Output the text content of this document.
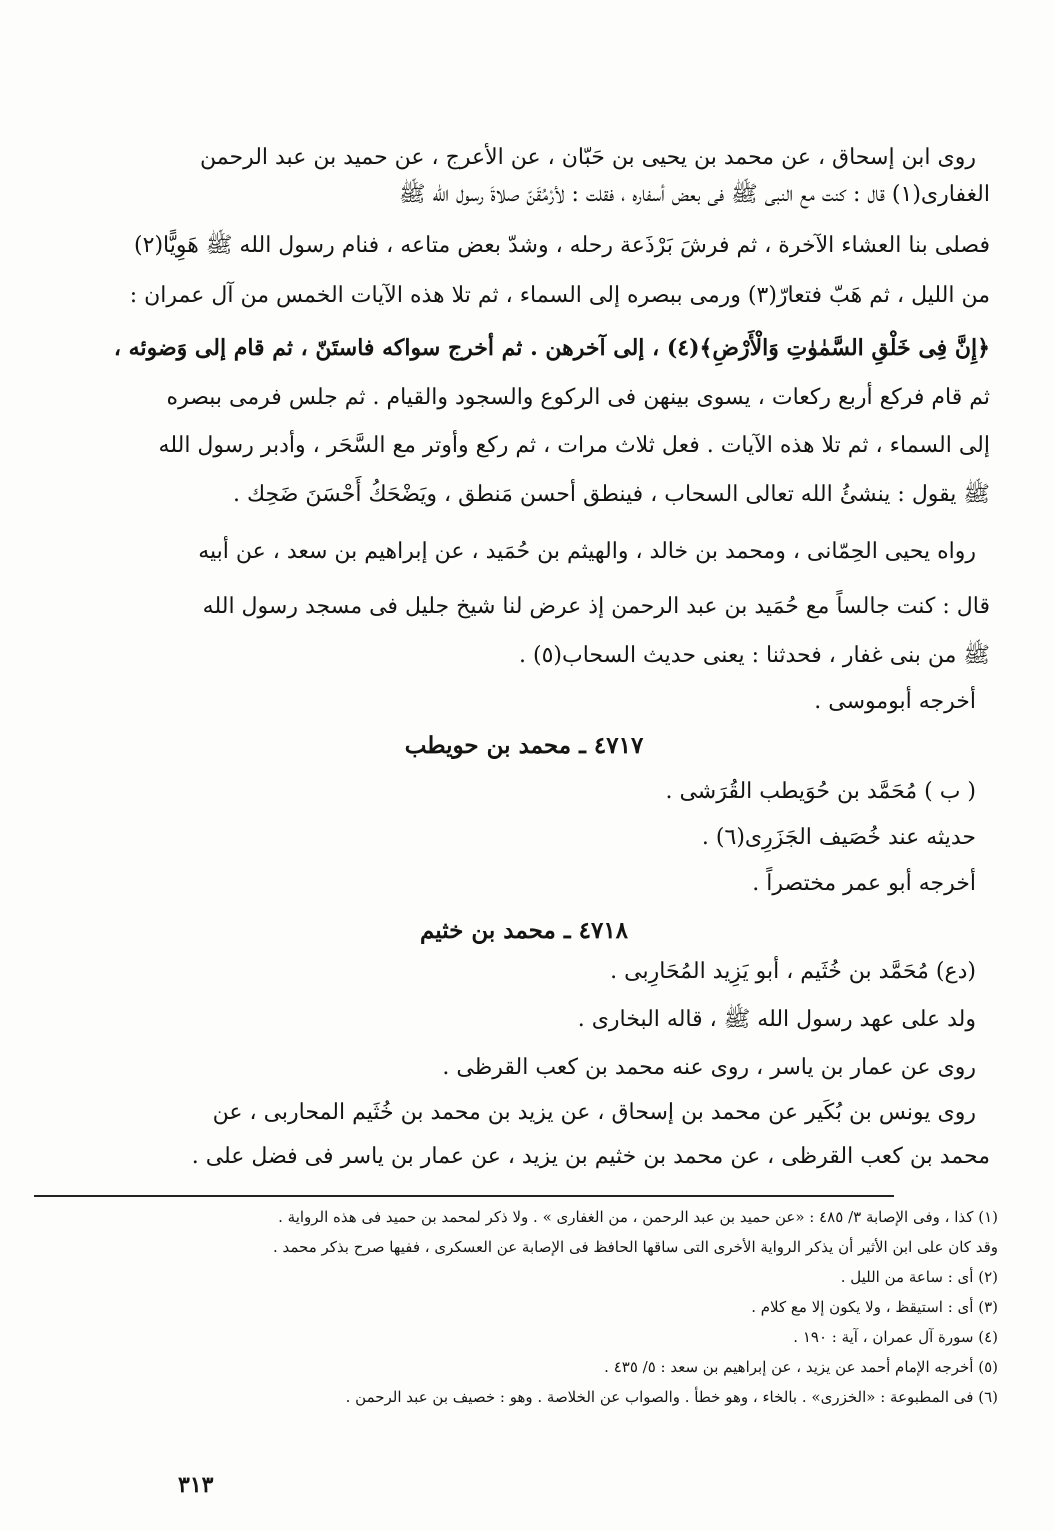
روى ابن إسحاق ، عن محمد بن يحيى بن حَبّان ، عن الأعرج ، عن حميد بن عبد الرحمن
الغفارى(١) قال : كنت مع النبى ﷺ فى بعض أسفاره ، فقلت : لأرْمُقَنّ صلاةَ رسول الله ﷺ
فصلى بنا العشاء الآخرة ، ثم فرشَ بَرْذَعة رحله ، وشدّ بعض متاعه ، فنام رسول الله ﷺ هَوِيًّا(٢)
من الليل ، ثم هَبّ فتعارّ(٣) ورمى ببصره إلى السماء ، ثم تلا هذه الآيات الخمس من آل عمران :
﴿إِنَّ فِى خَلْقِ السَّمٰوٰتِ وَالْأَرْضِ﴾(٤) ، إلى آخرهن . ثم أخرج سواكه فاستَنّ ، ثم قام إلى وَضوئه ،
ثم قام فركع أربع ركعات ، يسوى بينهن فى الركوع والسجود والقيام . ثم جلس فرمى ببصره
إلى السماء ، ثم تلا هذه الآيات . فعل ثلاث مرات ، ثم ركع وأوتر مع السَّحَر ، وأدبر رسول الله
ﷺ يقول : ينشئُ الله تعالى السحاب ، فينطق أحسن مَنطق ، ويَضْحَكُ أَحْسَنَ ضَحِك .
رواه يحيى الحِمّانى ، ومحمد بن خالد ، والهيثم بن حُمَيد ، عن إبراهيم بن سعد ، عن أبيه
قال : كنت جالساً مع حُمَيد بن عبد الرحمن إذ عرض لنا شيخ جليل فى مسجد رسول الله
ﷺ من بنى غفار ، فحدثنا : يعنى حديث السحاب(٥) .
أخرجه أبوموسى .
٤٧١٧ ـ محمد بن حويطب
( ب ) مُحَمَّد بن حُوَيطب القُرَشى .
حديثه عند خُصَيف الجَزَرِى(٦) .
أخرجه أبو عمر مختصراً .
٤٧١٨ ـ محمد بن خثيم
(دع) مُحَمَّد بن خُثَيم ، أبو يَزِيد المُحَارِبى .
ولد على عهد رسول الله ﷺ ، قاله البخارى .
روى عن عمار بن ياسر ، روى عنه محمد بن كعب القرظى .
روى يونس بن بُكَير عن محمد بن إسحاق ، عن يزيد بن محمد بن خُثَيم المحاربى ، عن
محمد بن كعب القرظى ، عن محمد بن خثيم بن يزيد ، عن عمار بن ياسر فى فضل على .
(١) كذا ، وفى الإصابة ٣/ ٤٨٥ : «عن حميد بن عبد الرحمن ، من الغفارى » . ولا ذكر لمحمد بن حميد فى هذه الرواية .
وقد كان على ابن الأثير أن يذكر الرواية الأخرى التى ساقها الحافظ فى الإصابة عن العسكرى ، ففيها صرح بذكر محمد .
(٢) أى : ساعة من الليل .
(٣) أى : استيقظ ، ولا يكون إلا مع كلام .
(٤) سورة آل عمران ، آية : ١٩٠ .
(٥) أخرجه الإمام أحمد عن يزيد ، عن إبراهيم بن سعد : ٥/ ٤٣٥ .
(٦) فى المطبوعة : «الخزرى» . بالخاء ، وهو خطأ . والصواب عن الخلاصة . وهو : خصيف بن عبد الرحمن .
٣١٣
